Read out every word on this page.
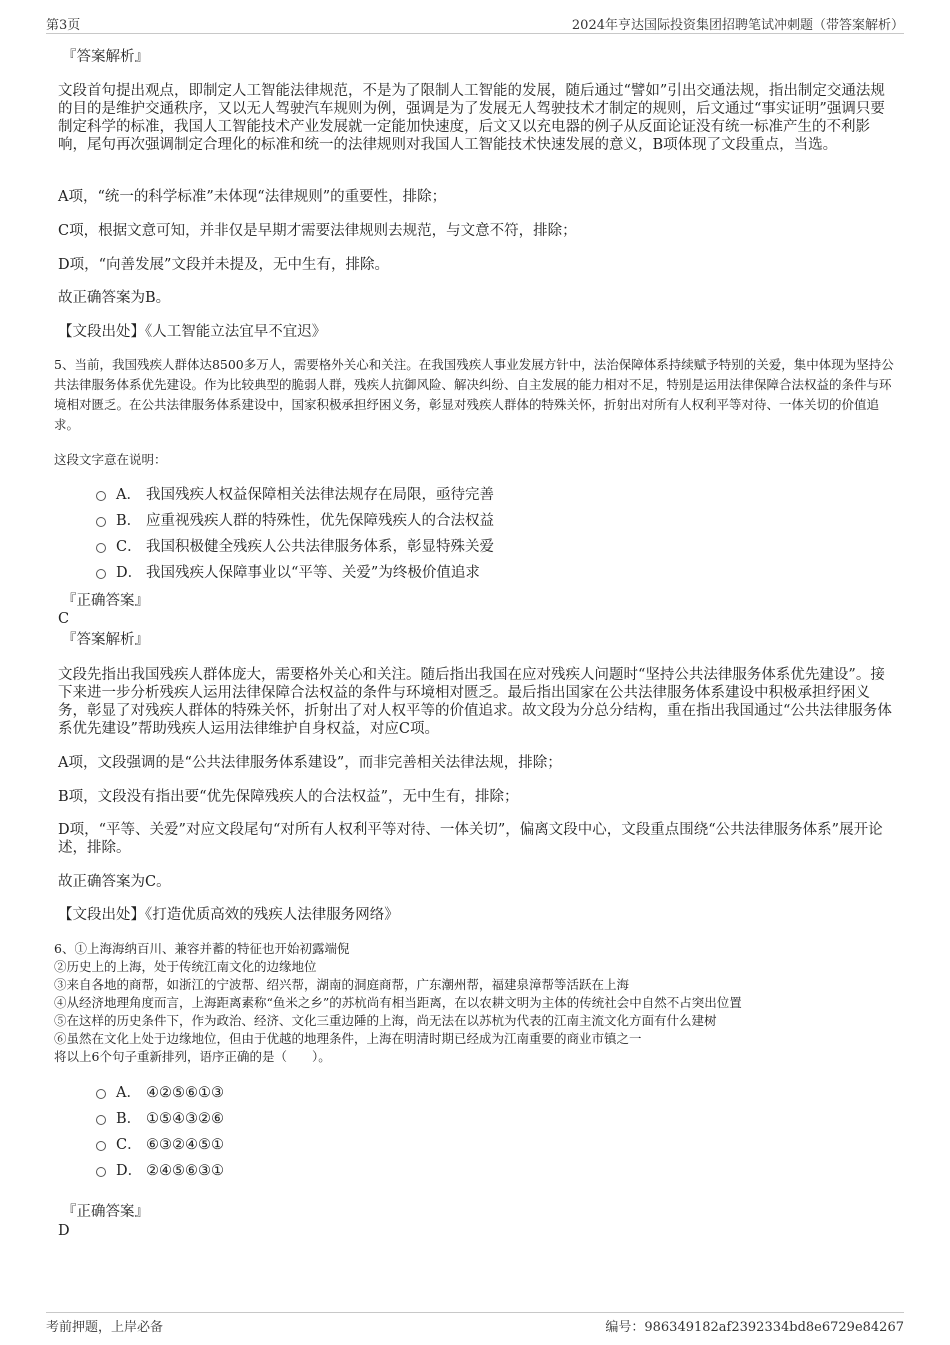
第3页	2024年亨达国际投资集团招聘笔试冲刺题（带答案解析）
『答案解析』

文段首句提出观点，即制定人工智能法律规范，不是为了限制人工智能的发展，随后通过“譬如”引出交通法规，指出制定交通法规的目的是维护交通秩序，又以无人驾驶汽车规则为例，强调是为了发展无人驾驶技术才制定的规则，后文通过“事实证明”强调只要制定科学的标准，我国人工智能技术产业发展就一定能加快速度，后文又以充电器的例子从反面论证没有统一标准产生的不利影响，尾句再次强调制定合理化的标准和统一的法律规则对我国人工智能技术快速发展的意义，B项体现了文段重点，当选。

A项，“统一的科学标准”未体现“法律规则”的重要性，排除；

C项，根据文意可知，并非仅是早期才需要法律规则去规范，与文意不符，排除；

D项，“向善发展”文段并未提及，无中生有，排除。

故正确答案为B。

【文段出处】《人工智能立法宜早不宜迟》

5、当前，我国残疾人群体达8500多万人，需要格外关心和关注。在我国残疾人事业发展方针中，法治保障体系持续赋予特别的关爱，集中体现为坚持公共法律服务体系优先建设。作为比较典型的脆弱人群，残疾人抗御风险、解决纠纷、自主发展的能力相对不足，特别是运用法律保障合法权益的条件与环境相对匮乏。在公共法律服务体系建设中，国家积极承担纾困义务，彰显对残疾人群体的特殊关怀，折射出对所有人权利平等对待、一体关切的价值追求。

这段文字意在说明：

A． 我国残疾人权益保障相关法律法规存在局限，亟待完善
B． 应重视残疾人群的特殊性，优先保障残疾人的合法权益
C． 我国积极健全残疾人公共法律服务体系，彰显特殊关爱
D． 我国残疾人保障事业以“平等、关爱”为终极价值追求
『正确答案』
C
『答案解析』

文段先指出我国残疾人群体庞大，需要格外关心和关注。随后指出我国在应对残疾人问题时“坚持公共法律服务体系优先建设”。接下来进一步分析残疾人运用法律保障合法权益的条件与环境相对匮乏。最后指出国家在公共法律服务体系建设中积极承担纾困义务，彰显了对残疾人群体的特殊关怀，折射出了对人权平等的价值追求。故文段为分总分结构，重在指出我国通过“公共法律服务体系优先建设”帮助残疾人运用法律维护自身权益，对应C项。

A项，文段强调的是“公共法律服务体系建设”，而非完善相关法律法规，排除；

B项，文段没有指出要“优先保障残疾人的合法权益”，无中生有，排除；

D项，“平等、关爱”对应文段尾句“对所有人权利平等对待、一体关切”，偏离文段中心，文段重点围绕“公共法律服务体系”展开论述，排除。

故正确答案为C。

【文段出处】《打造优质高效的残疾人法律服务网络》

6、①上海海纳百川、兼容并蓄的特征也开始初露端倪
②历史上的上海，处于传统江南文化的边缘地位
③来自各地的商帮，如浙江的宁波帮、绍兴帮，湖南的洞庭商帮，广东潮州帮，福建泉漳帮等活跃在上海
④从经济地理角度而言，上海距离素称“鱼米之乡”的苏杭尚有相当距离，在以农耕文明为主体的传统社会中自然不占突出位置
⑤在这样的历史条件下，作为政治、经济、文化三重边陲的上海，尚无法在以苏杭为代表的江南主流文化方面有什么建树
⑥虽然在文化上处于边缘地位，但由于优越的地理条件，上海在明清时期已经成为江南重要的商业市镇之一
将以上6个句子重新排列，语序正确的是（　　）。
A． ④②⑤⑥①③
B． ①⑤④③②⑥
C． ⑥③②④⑤①
D． ②④⑤⑥③①
『正确答案』
D
考前押题，上岸必备	编号：986349182af2392334bd8e6729e84267
